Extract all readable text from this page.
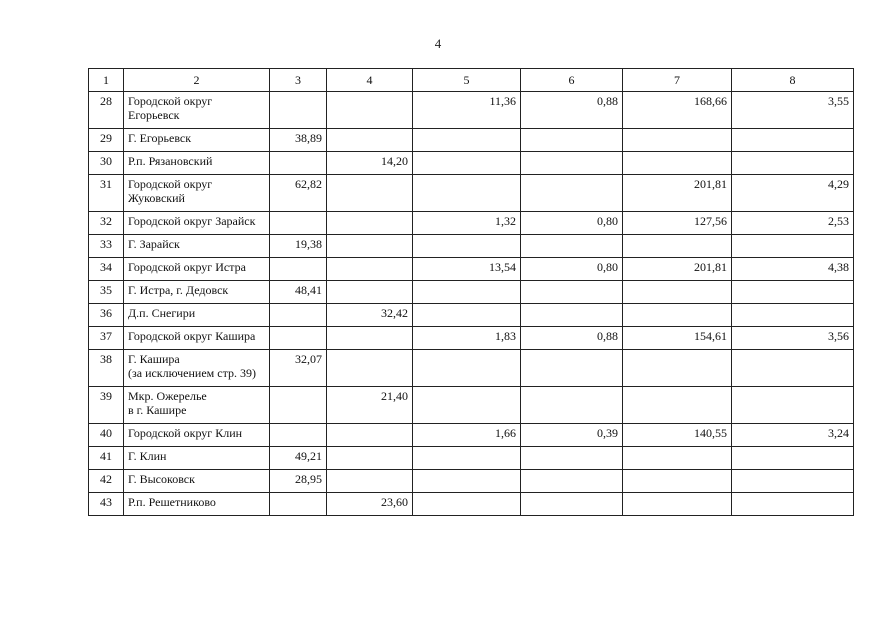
4
1	2	3	4	5	6	7	8
28	Городской округ
Егорьевск			11,36	0,88	168,66	3,55
29	Г. Егорьевск	38,89					
30	Р.п. Рязановский		14,20				
31	Городской округ
Жуковский	62,82				201,81	4,29
32	Городской округ Зарайск			1,32	0,80	127,56	2,53
33	Г. Зарайск	19,38					
34	Городской округ Истра			13,54	0,80	201,81	4,38
35	Г. Истра, г. Дедовск	48,41					
36	Д.п. Снегири		32,42				
37	Городской округ Кашира			1,83	0,88	154,61	3,56
38	Г. Кашира
(за исключением стр. 39)	32,07					
39	Мкр. Ожерелье
в г. Кашире		21,40				
40	Городской округ Клин			1,66	0,39	140,55	3,24
41	Г. Клин	49,21					
42	Г. Высоковск	28,95					
43	Р.п. Решетниково		23,60				
